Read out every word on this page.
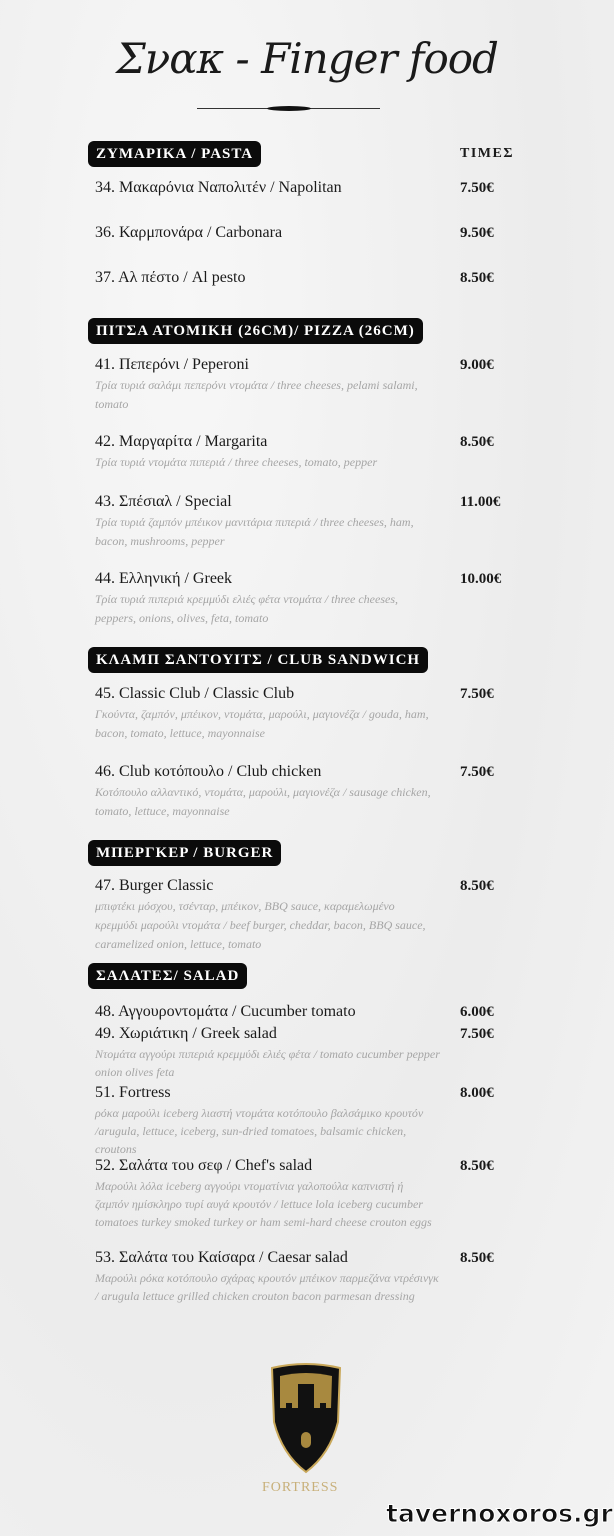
Σνακ - Finger food
ΤΙΜΕΣ
ΖΥΜΑΡΙΚΑ / PASTA
34. Μακαρόνια Ναπολιτέν / Napolitan	7.50€
36. Καρμπονάρα / Carbonara	9.50€
37. Αλ πέστο / Al pesto	8.50€
ΠΙΤΣΑ ΑΤΟΜΙΚΗ (26CM)/ PIZZA (26CM)
41. Πεπερόνι / Peperoni	9.00€
Τρία τυριά σαλάμι πεπερόνι ντομάτα / three cheeses, pelami salami, tomato
42. Μαργαρίτα / Margarita	8.50€
Τρία τυριά ντομάτα πιπεριά / three cheeses, tomato, pepper
43. Σπέσιαλ / Special	11.00€
Τρία τυριά ζαμπόν μπέικον μανιτάρια πιπεριά / three cheeses, ham, bacon, mushrooms, pepper
44. Ελληνική / Greek	10.00€
Τρία τυριά πιπεριά κρεμμύδι ελιές φέτα ντομάτα / three cheeses, peppers, onions, olives, feta, tomato
ΚΛΑΜΠ ΣΑΝΤΟΥΙΤΣ / CLUB SANDWICH
45. Classic Club / Classic Club	7.50€
Γκούντα, ζαμπόν, μπέικον, ντομάτα, μαρούλι, μαγιονέζα / gouda, ham, bacon, tomato, lettuce, mayonnaise
46. Club κοτόπουλο / Club chicken	7.50€
Κοτόπουλο αλλαντικό, ντομάτα, μαρούλι, μαγιονέζα / sausage chicken, tomato, lettuce, mayonnaise
ΜΠΕΡΓΚΕΡ / BURGER
47. Burger Classic	8.50€
μπιφτέκι μόσχου, τσένταρ, μπέικον, BBQ sauce, καραμελωμένο κρεμμύδι μαρούλι ντομάτα / beef burger, cheddar, bacon, BBQ sauce, caramelized onion, lettuce, tomato
ΣΑΛΑΤΕΣ/ SALAD
48. Αγγουροντομάτα / Cucumber tomato	6.00€
49. Χωριάτικη / Greek salad	7.50€
Ντομάτα αγγούρι πιπεριά κρεμμύδι ελιές φέτα / tomato cucumber pepper onion olives feta
51. Fortress	8.00€
ρόκα μαρούλι iceberg λιαστή ντομάτα κοτόπουλο βαλσάμικο κρουτόν /arugula, lettuce, iceberg, sun-dried tomatoes, balsamic chicken, croutons
52. Σαλάτα του σεφ / Chef's salad	8.50€
Μαρούλι λόλα iceberg αγγούρι ντοματίνια γαλοπούλα καπνιστή ή ζαμπόν ημίσκληρο τυρί αυγά κρουτόν / lettuce lola iceberg cucumber tomatoes turkey smoked turkey or ham semi-hard cheese crouton eggs
53. Σαλάτα του Καίσαρα / Caesar salad	8.50€
Μαρούλι ρόκα κοτόπουλο σχάρας κρουτόν μπέικον παρμεζάνα ντρέσινγκ / arugula lettuce grilled chicken crouton bacon parmesan dressing
FORTRESS
tavernoxoros.gr
